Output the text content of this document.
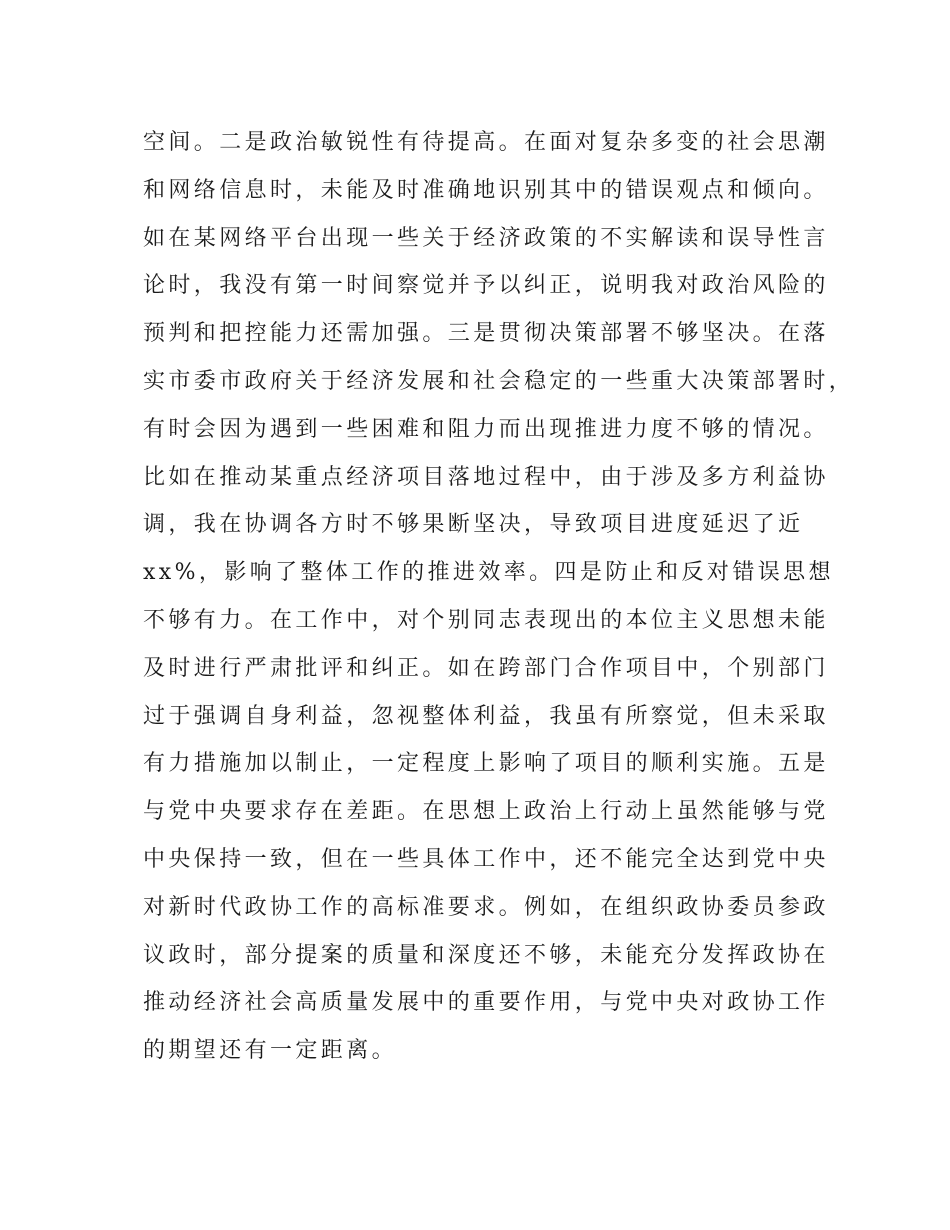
空间。二是政治敏锐性有待提高。在面对复杂多变的社会思潮
和网络信息时，未能及时准确地识别其中的错误观点和倾向。
如在某网络平台出现一些关于经济政策的不实解读和误导性言
论时，我没有第一时间察觉并予以纠正，说明我对政治风险的
预判和把控能力还需加强。三是贯彻决策部署不够坚决。在落
实市委市政府关于经济发展和社会稳定的一些重大决策部署时，
有时会因为遇到一些困难和阻力而出现推进力度不够的情况。
比如在推动某重点经济项目落地过程中，由于涉及多方利益协
调，我在协调各方时不够果断坚决，导致项目进度延迟了近
xx%，影响了整体工作的推进效率。四是防止和反对错误思想
不够有力。在工作中，对个别同志表现出的本位主义思想未能
及时进行严肃批评和纠正。如在跨部门合作项目中，个别部门
过于强调自身利益，忽视整体利益，我虽有所察觉，但未采取
有力措施加以制止，一定程度上影响了项目的顺利实施。五是
与党中央要求存在差距。在思想上政治上行动上虽然能够与党
中央保持一致，但在一些具体工作中，还不能完全达到党中央
对新时代政协工作的高标准要求。例如，在组织政协委员参政
议政时，部分提案的质量和深度还不够，未能充分发挥政协在
推动经济社会高质量发展中的重要作用，与党中央对政协工作
的期望还有一定距离。
